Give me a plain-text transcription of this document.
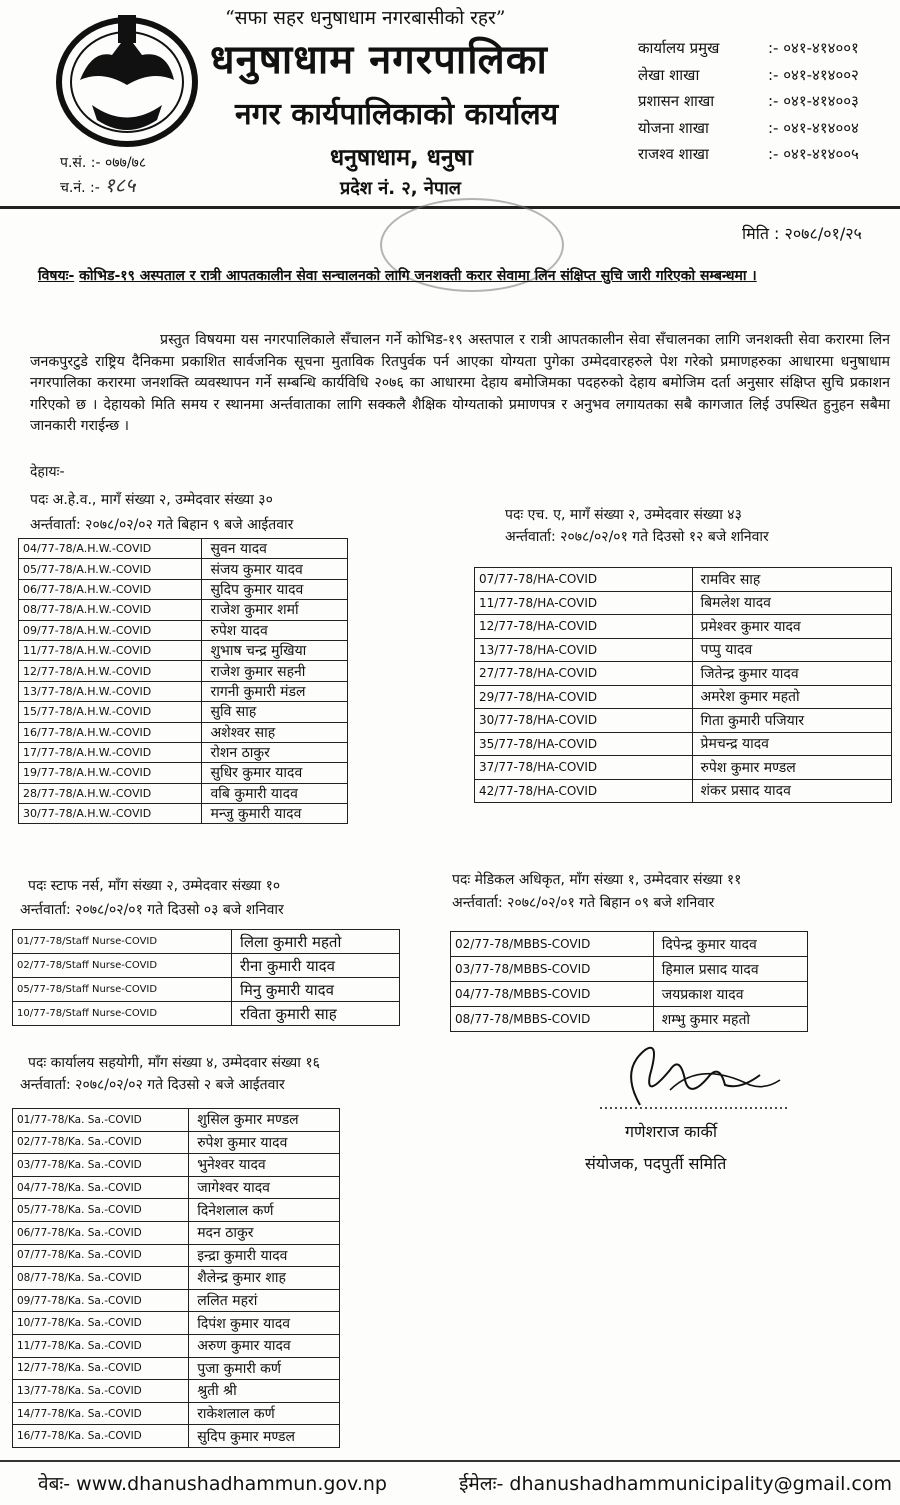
“सफा सहर धनुषाधाम नगरबासीको रहर”
धनुषाधाम नगरपालिका
नगर कार्यपालिकाको कार्यालय
धनुषाधाम, धनुषा
प्रदेश नं. २, नेपाल
प.सं. :- ०७७/७८
च.नं. :- १८५
कार्यालय प्रमुख	:- ०४१-४१४००१
लेखा शाखा	:- ०४१-४१४००२
प्रशासन शाखा	:- ०४१-४१४००३
योजना शाखा	:- ०४१-४१४००४
राजश्व शाखा	:- ०४१-४१४००५
मिति : २०७८/०१/२५
विषयः- कोभिड-१९ अस्पताल र रात्री आपतकालीन सेवा सन्चालनको लागि जनशक्ती करार सेवामा लिन संक्षिप्त सुचि जारी गरिएको सम्बन्धमा ।
प्रस्तुत विषयमा यस नगरपालिकाले सँचालन गर्ने कोभिड-१९ अस्तपाल र रात्री आपतकालीन सेवा सँचालनका लागि जनशक्ती सेवा करारमा लिन जनकपुरटुडे राष्ट्रिय दैनिकमा प्रकाशित सार्वजनिक सूचना मुताविक रितपुर्वक पर्न आएका योग्यता पुगेका उम्मेदवारहरुले पेश गरेको प्रमाणहरुका आधारमा धनुषाधाम नगरपालिका करारमा जनशक्ति व्यवस्थापन गर्ने सम्बन्धि कार्यविधि २०७६ का आधारमा देहाय बमोजिमका पदहरुको देहाय बमोजिम दर्ता अनुसार संक्षिप्त सुचि प्रकाशन गरिएको छ । देहायको मिति समय र स्थानमा अर्न्तवाताका लागि सक्कलै शैक्षिक योग्यताको प्रमाणपत्र र अनुभव लगायतका सबै कागजात लिई उपस्थित हुनुहन सबैमा जानकारी गराईन्छ ।
देहायः-
पदः अ.हे.व., मागँ संख्या २, उम्मेदवार संख्या ३०
अर्न्तवार्ता: २०७८/०२/०२ गते बिहान ९ बजे आईतवार
04/77-78/A.H.W.-COVID	सुवन यादव
05/77-78/A.H.W.-COVID	संजय कुमार यादव
06/77-78/A.H.W.-COVID	सुदिप कुमार यादव
08/77-78/A.H.W.-COVID	राजेश कुमार शर्मा
09/77-78/A.H.W.-COVID	रुपेश यादव
11/77-78/A.H.W.-COVID	शुभाष चन्द्र मुखिया
12/77-78/A.H.W.-COVID	राजेश कुमार सहनी
13/77-78/A.H.W.-COVID	रागनी कुमारी मंडल
15/77-78/A.H.W.-COVID	सुवि साह
16/77-78/A.H.W.-COVID	अशेश्वर साह
17/77-78/A.H.W.-COVID	रोशन ठाकुर
19/77-78/A.H.W.-COVID	सुधिर कुमार यादव
28/77-78/A.H.W.-COVID	वबि कुमारी यादव
30/77-78/A.H.W.-COVID	मन्जु कुमारी यादव
पदः एच. ए, मागँ संख्या २, उम्मेदवार संख्या ४३
अर्न्तवार्ता: २०७८/०२/०१ गते दिउसो १२ बजे शनिवार
07/77-78/HA-COVID	रामविर साह
11/77-78/HA-COVID	बिमलेश यादव
12/77-78/HA-COVID	प्रमेश्वर कुमार यादव
13/77-78/HA-COVID	पप्पु यादव
27/77-78/HA-COVID	जितेन्द्र कुमार यादव
29/77-78/HA-COVID	अमरेश कुमार महतो
30/77-78/HA-COVID	गिता कुमारी पजियार
35/77-78/HA-COVID	प्रेमचन्द्र यादव
37/77-78/HA-COVID	रुपेश कुमार मण्डल
42/77-78/HA-COVID	शंकर प्रसाद यादव
पदः स्टाफ नर्स, माँग संख्या २, उम्मेदवार संख्या १०
अर्न्तवार्ता: २०७८/०२/०१ गते दिउसो ०३ बजे शनिवार
01/77-78/Staff Nurse-COVID	लिला कुमारी महतो
02/77-78/Staff Nurse-COVID	रीना कुमारी यादव
05/77-78/Staff Nurse-COVID	मिनु कुमारी यादव
10/77-78/Staff Nurse-COVID	रविता कुमारी साह
पदः मेडिकल अधिकृत, माँग संख्या १, उम्मेदवार संख्या ११
अर्न्तवार्ता: २०७८/०२/०१ गते बिहान ०९ बजे शनिवार
02/77-78/MBBS-COVID	दिपेन्द्र कुमार यादव
03/77-78/MBBS-COVID	हिमाल प्रसाद यादव
04/77-78/MBBS-COVID	जयप्रकाश यादव
08/77-78/MBBS-COVID	शम्भु कुमार महतो
पदः कार्यालय सहयोगी, माँग संख्या ४, उम्मेदवार संख्या १६
अर्न्तवार्ता: २०७८/०२/०२ गते दिउसो २ बजे आईतवार
01/77-78/Ka. Sa.-COVID	शुसिल कुमार मण्डल
02/77-78/Ka. Sa.-COVID	रुपेश कुमार यादव
03/77-78/Ka. Sa.-COVID	भुनेश्वर यादव
04/77-78/Ka. Sa.-COVID	जागेश्वर यादव
05/77-78/Ka. Sa.-COVID	दिनेशलाल कर्ण
06/77-78/Ka. Sa.-COVID	मदन ठाकुर
07/77-78/Ka. Sa.-COVID	इन्द्रा कुमारी यादव
08/77-78/Ka. Sa.-COVID	शैलेन्द्र कुमार शाह
09/77-78/Ka. Sa.-COVID	ललित महरां
10/77-78/Ka. Sa.-COVID	दिपंश कुमार यादव
11/77-78/Ka. Sa.-COVID	अरुण कुमार यादव
12/77-78/Ka. Sa.-COVID	पुजा कुमारी कर्ण
13/77-78/Ka. Sa.-COVID	श्रुती श्री
14/77-78/Ka. Sa.-COVID	राकेशलाल कर्ण
16/77-78/Ka. Sa.-COVID	सुदिप कुमार मण्डल
गणेशराज कार्की
संयोजक, पदपुर्ती समिति
वेबः- www.dhanushadhammun.gov.np	ईमेलः- dhanushadhammunicipality@gmail.com
